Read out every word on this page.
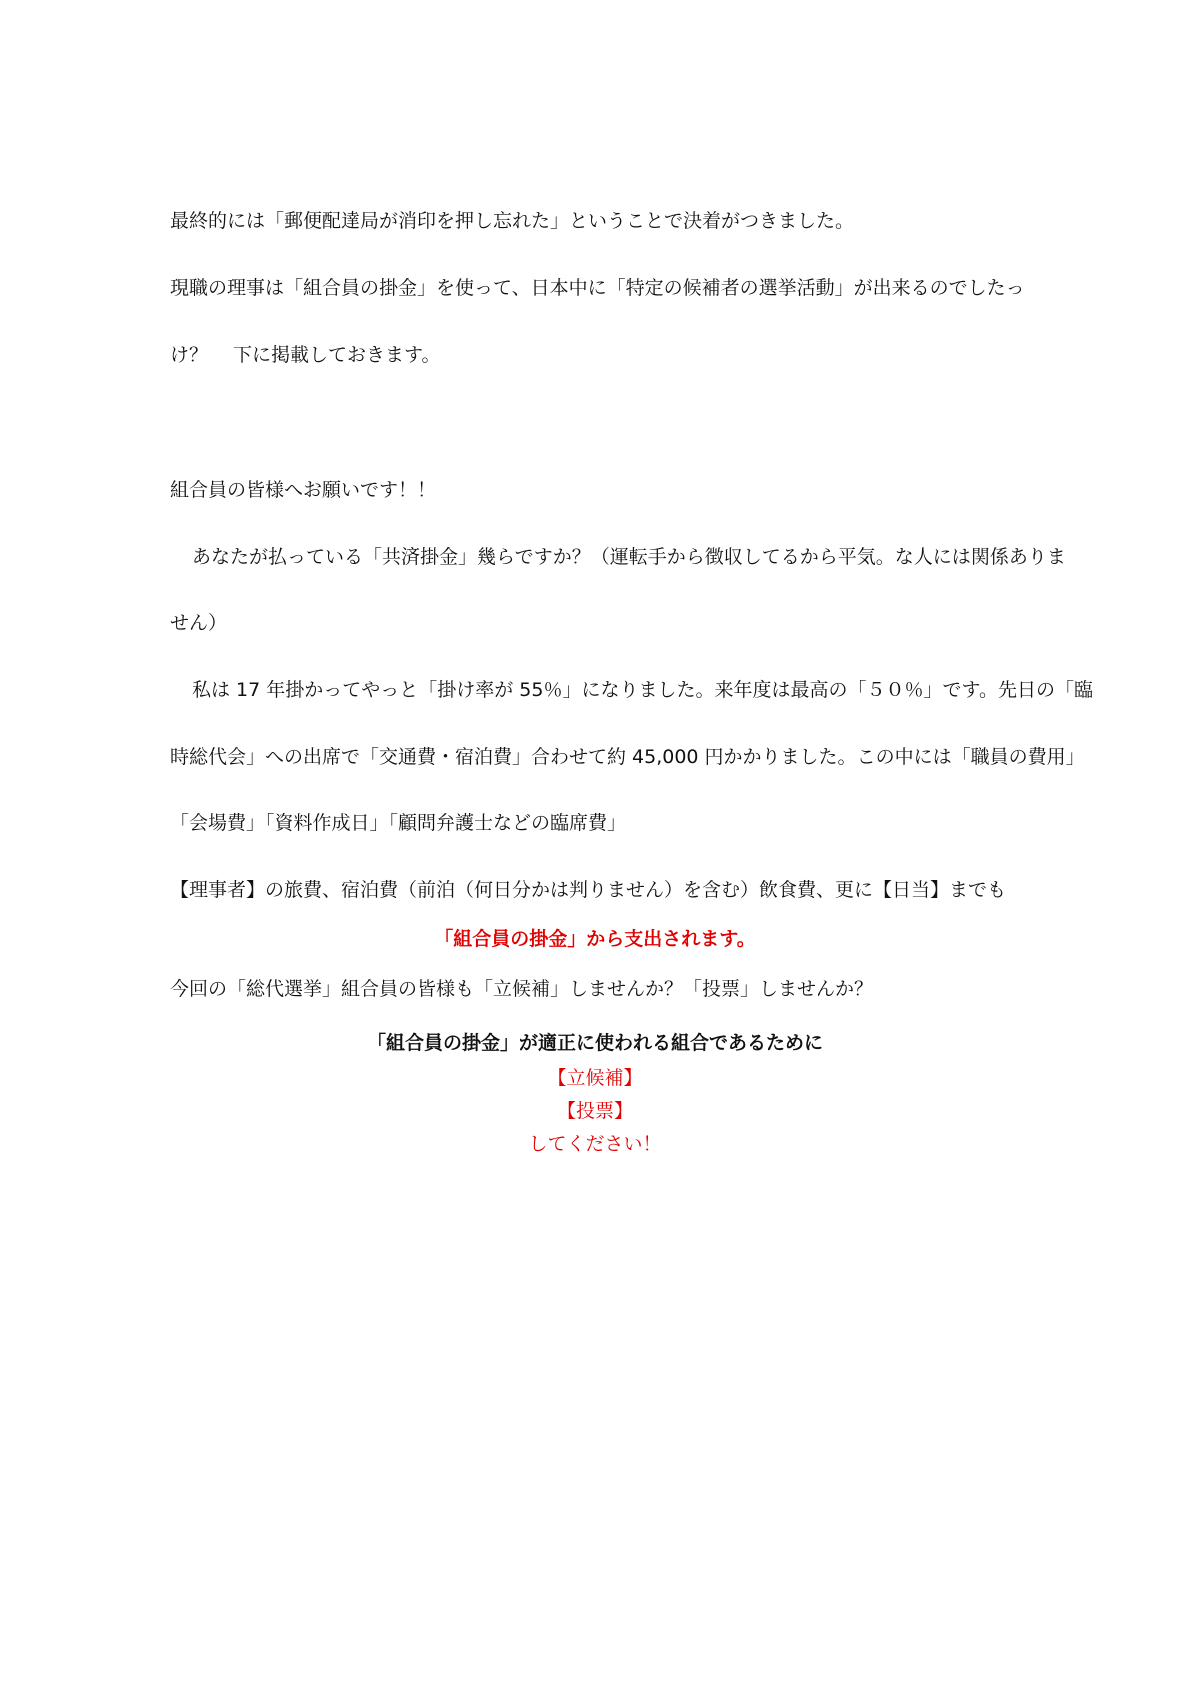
最終的には「郵便配達局が消印を押し忘れた」ということで決着がつきました。
現職の理事は「組合員の掛金」を使って、日本中に「特定の候補者の選挙活動」が出来るのでしたっ
け？　 下に掲載しておきます。
組合員の皆様へお願いです！！
あなたが払っている「共済掛金」幾らですか？（運転手から徴収してるから平気。な人には関係ありま
せん）
私は 17 年掛かってやっと「掛け率が 55％」になりました。来年度は最高の「５０％」です。先日の「臨
時総代会」への出席で「交通費・宿泊費」合わせて約 45,000 円かかりました。この中には「職員の費用」
「会場費」「資料作成日」「顧問弁護士などの臨席費」
【理事者】の旅費、宿泊費（前泊（何日分かは判りません）を含む）飲食費、更に【日当】までも
「組合員の掛金」から支出されます。
今回の「総代選挙」組合員の皆様も「立候補」しませんか？「投票」しませんか？
「組合員の掛金」が適正に使われる組合であるために
【立候補】
【投票】
してください！
